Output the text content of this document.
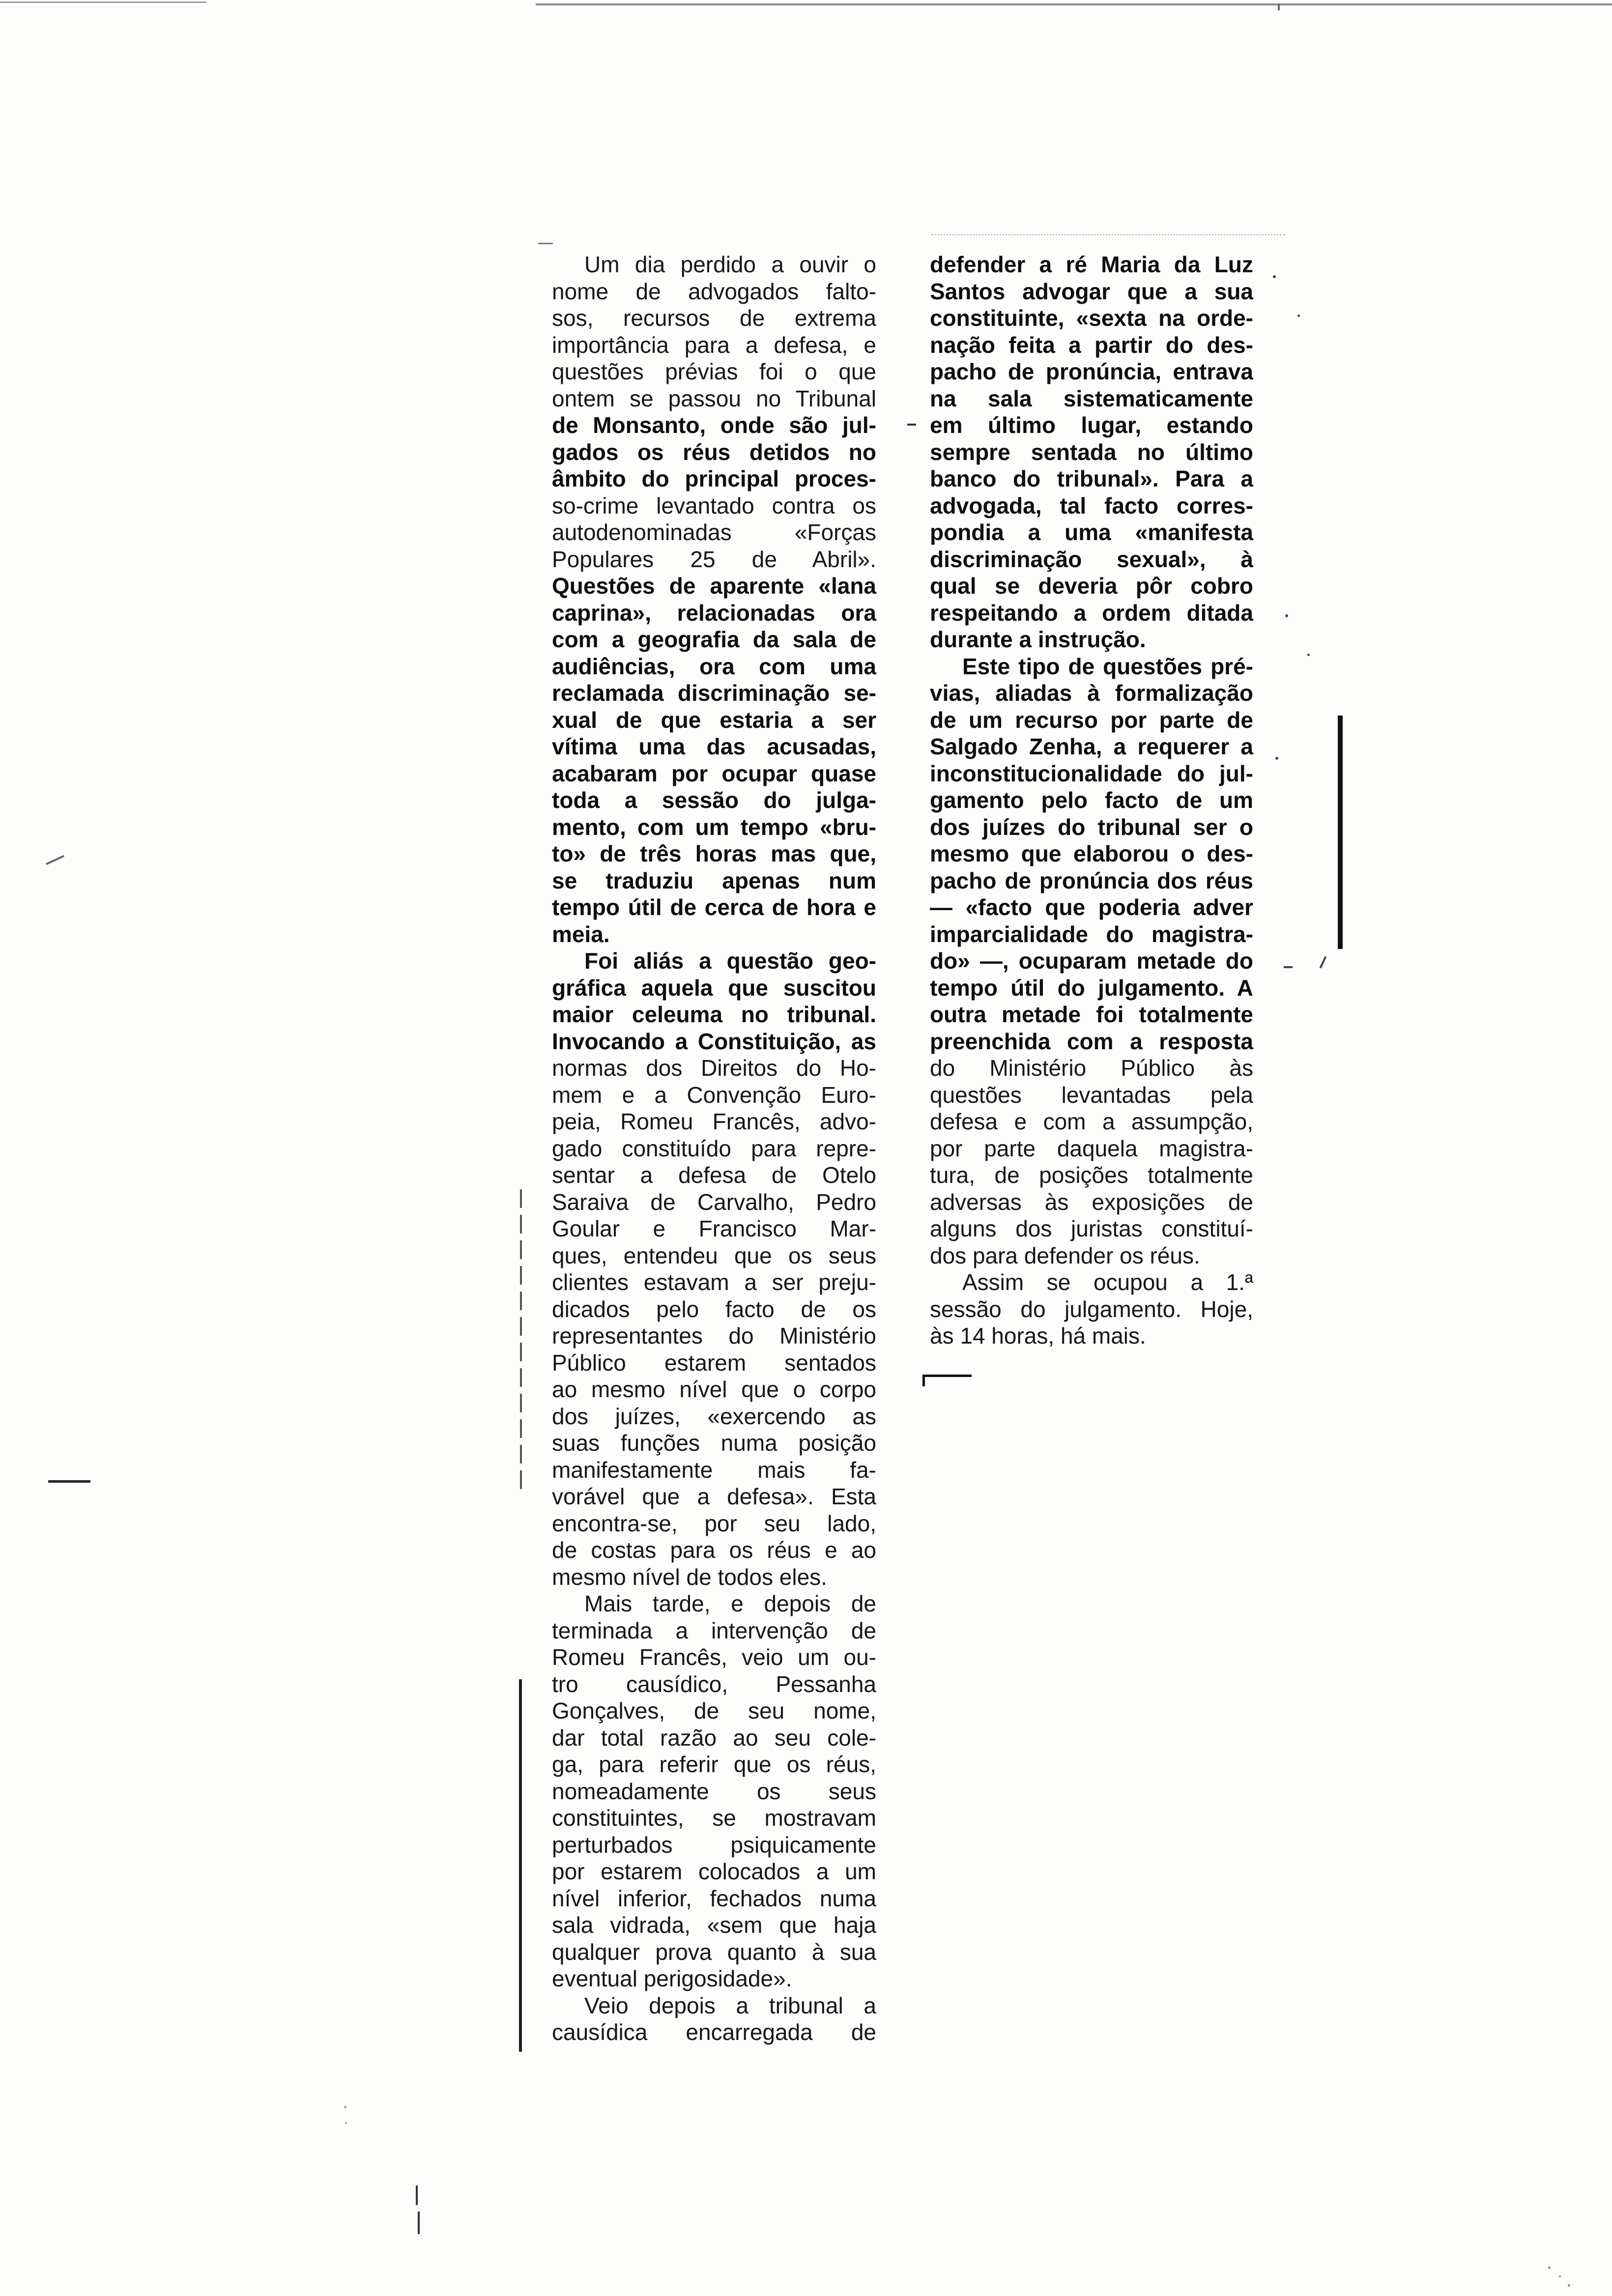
Um dia perdido a ouvir o
nome de advogados falto-
sos, recursos de extrema
importância para a defesa, e
questões prévias foi o que
ontem se passou no Tribunal
de Monsanto, onde são jul-
gados os réus detidos no
âmbito do principal proces-
so-crime levantado contra os
autodenominadas «Forças
Populares 25 de Abril».
Questões de aparente «lana
caprina», relacionadas ora
com a geografia da sala de
audiências, ora com uma
reclamada discriminação se-
xual de que estaria a ser
vítima uma das acusadas,
acabaram por ocupar quase
toda a sessão do julga-
mento, com um tempo «bru-
to» de três horas mas que,
se traduziu apenas num
tempo útil de cerca de hora e
meia.
Foi aliás a questão geo-
gráfica aquela que suscitou
maior celeuma no tribunal.
Invocando a Constituição, as
normas dos Direitos do Ho-
mem e a Convenção Euro-
peia, Romeu Francês, advo-
gado constituído para repre-
sentar a defesa de Otelo
Saraiva de Carvalho, Pedro
Goular e Francisco Mar-
ques, entendeu que os seus
clientes estavam a ser preju-
dicados pelo facto de os
representantes do Ministério
Público estarem sentados
ao mesmo nível que o corpo
dos juízes, «exercendo as
suas funções numa posição
manifestamente mais fa-
vorável que a defesa». Esta
encontra-se, por seu lado,
de costas para os réus e ao
mesmo nível de todos eles.
Mais tarde, e depois de
terminada a intervenção de
Romeu Francês, veio um ou-
tro causídico, Pessanha
Gonçalves, de seu nome,
dar total razão ao seu cole-
ga, para referir que os réus,
nomeadamente os seus
constituintes, se mostravam
perturbados psiquicamente
por estarem colocados a um
nível inferior, fechados numa
sala vidrada, «sem que haja
qualquer prova quanto à sua
eventual perigosidade».
Veio depois a tribunal a
causídica encarregada de
defender a ré Maria da Luz
Santos advogar que a sua
constituinte, «sexta na orde-
nação feita a partir do des-
pacho de pronúncia, entrava
na sala sistematicamente
em último lugar, estando
sempre sentada no último
banco do tribunal». Para a
advogada, tal facto corres-
pondia a uma «manifesta
discriminação sexual», à
qual se deveria pôr cobro
respeitando a ordem ditada
durante a instrução.
Este tipo de questões pré-
vias, aliadas à formalização
de um recurso por parte de
Salgado Zenha, a requerer a
inconstitucionalidade do jul-
gamento pelo facto de um
dos juízes do tribunal ser o
mesmo que elaborou o des-
pacho de pronúncia dos réus
— «facto que poderia adver
imparcialidade do magistra-
do» —, ocuparam metade do
tempo útil do julgamento. A
outra metade foi totalmente
preenchida com a resposta
do Ministério Público às
questões levantadas pela
defesa e com a assumpção,
por parte daquela magistra-
tura, de posições totalmente
adversas às exposições de
alguns dos juristas constituí-
dos para defender os réus.
Assim se ocupou a 1.ª
sessão do julgamento. Hoje,
às 14 horas, há mais.
